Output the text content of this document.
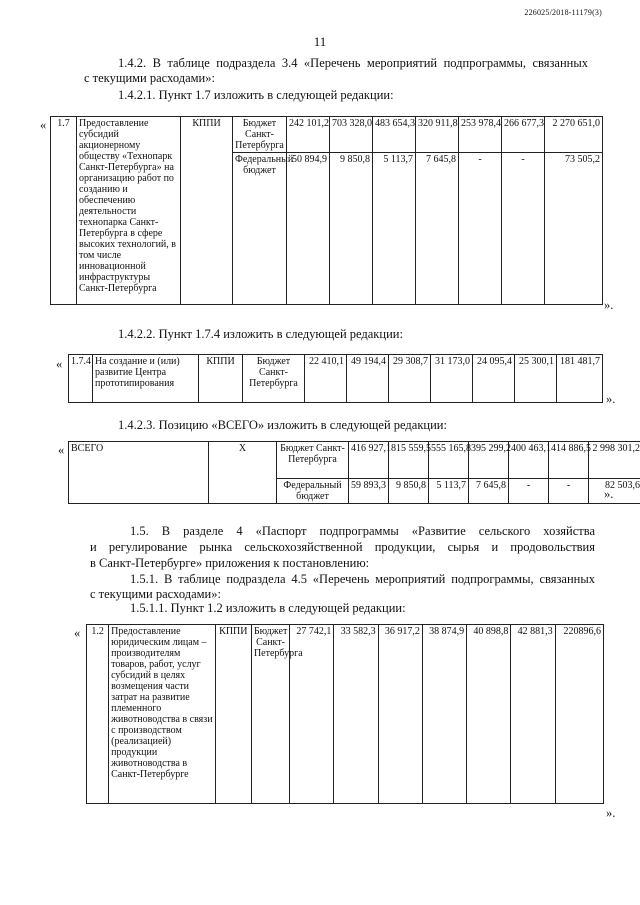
226025/2018-11179(3)
11
1.4.2. В таблице подраздела 3.4 «Перечень мероприятий подпрограммы, связанных
с текущими расходами»:
1.4.2.1. Пункт 1.7 изложить в следующей редакции:
« 1.7	Предоставление субсидий акционерному обществу «Технопарк Санкт-Петербурга» на организацию работ по созданию и обеспечению деятельности технопарка Санкт-Петербурга в сфере высоких технологий, в том числе инновационной инфраструктуры Санкт-Петербурга	КППИ	Бюджет Санкт-Петербурга	242 101,2	703 328,0	483 654,3	320 911,8	253 978,4	266 677,3	2 270 651,0
			Федеральный бюджет	50 894,9	9 850,8	5 113,7	7 645,8	-	-	73 505,2
».
1.4.2.2. Пункт 1.7.4 изложить в следующей редакции:
« 1.7.4	На создание и (или) развитие Центра прототипирования	КППИ	Бюджет Санкт-Петербурга	22 410,1	49 194,4	29 308,7	31 173,0	24 095,4	25 300,1	181 481,7
».
1.4.2.3. Позицию «ВСЕГО» изложить в следующей редакции:
« ВСЕГО	Х	Бюджет Санкт-Петербурга	416 927,1	815 559,5	555 165,8	395 299,2	400 463,1	414 886,5	2 998 301,2
		Федеральный бюджет	59 893,3	9 850,8	5 113,7	7 645,8	-	-	82 503,6
».
1.5. В разделе 4 «Паспорт подпрограммы «Развитие сельского хозяйства
и регулирование рынка сельскохозяйственной продукции, сырья и продовольствия
в Санкт-Петербурге» приложения к постановлению:
1.5.1. В таблице подраздела 4.5 «Перечень мероприятий подпрограммы, связанных
с текущими расходами»:
1.5.1.1. Пункт 1.2 изложить в следующей редакции:
« 1.2	Предоставление юридическим лицам – производителям товаров, работ, услуг субсидий в целях возмещения части затрат на развитие племенного животноводства в связи с производством (реализацией) продукции животноводства в Санкт-Петербурге	КППИ	Бюджет Санкт-Петербурга	27 742,1	33 582,3	36 917,2	38 874,9	40 898,8	42 881,3	220896,6
».
